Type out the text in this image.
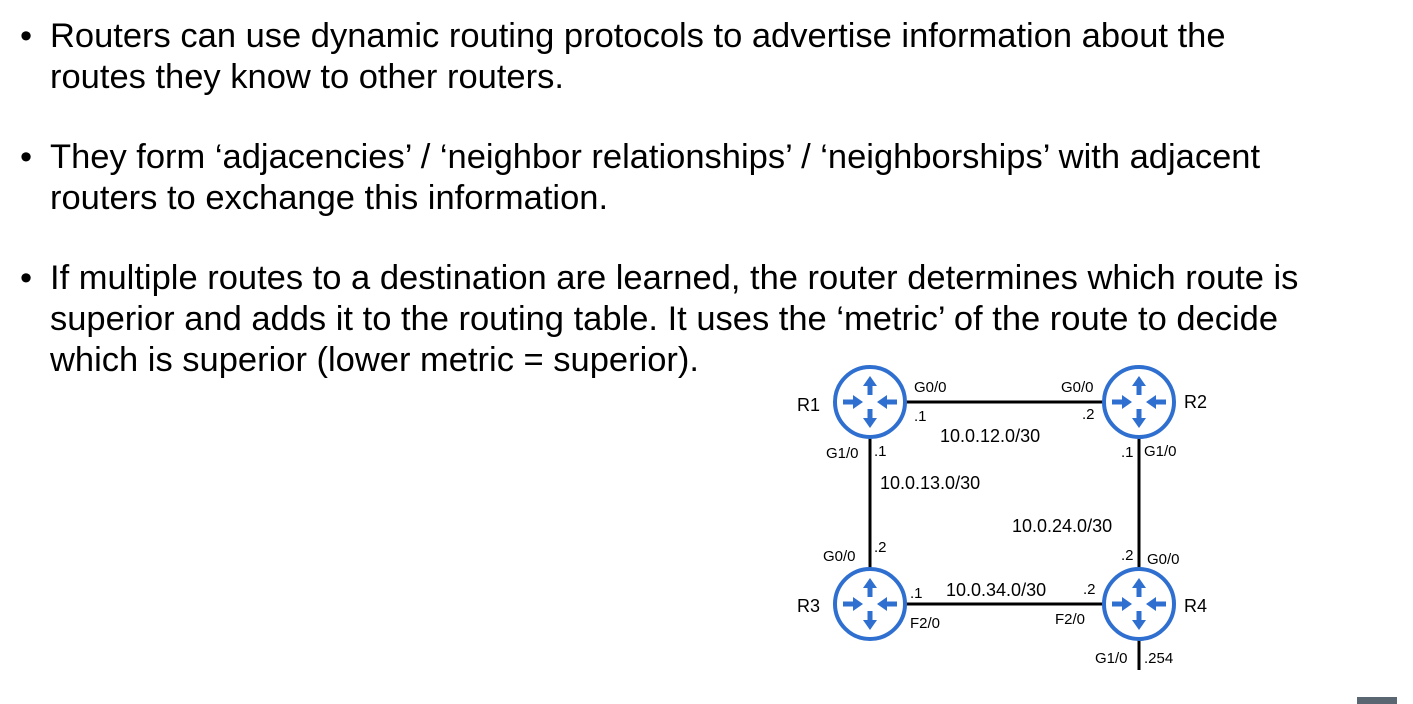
• Routers can use dynamic routing protocols to advertise information about the
routes they know to other routers.
• They form ‘adjacencies’ / ‘neighbor relationships’ / ‘neighborships’ with adjacent
routers to exchange this information.
• If multiple routes to a destination are learned, the router determines which route is
superior and adds it to the routing table. It uses the ‘metric’ of the route to decide
which is superior (lower metric = superior).
R1	R2
R3	R4
G0/0
.1
G0/0
.2
10.0.12.0/30
G1/0 .1
10.0.13.0/30
G0/0
.2
.1 G1/0
10.0.24.0/30
.2 G0/0
.1 10.0.34.0/30 .2
F2/0	F2/0
G1/0 .254
